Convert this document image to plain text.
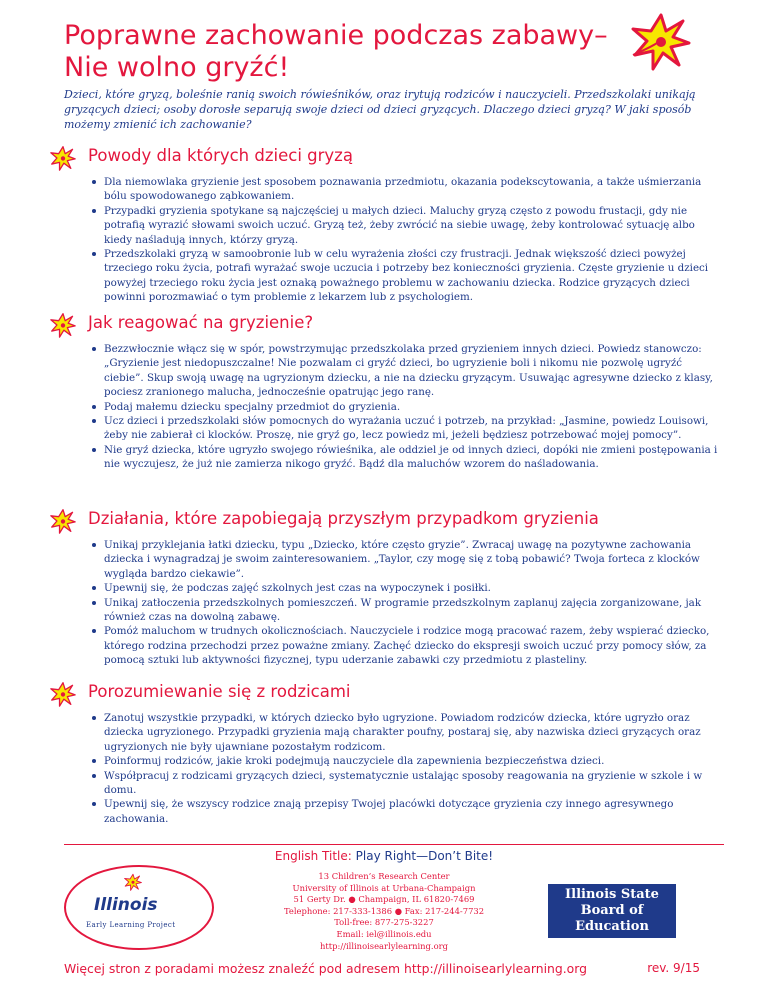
Poprawne zachowanie podczas zabawy–
Nie wolno gryźć!

Dzieci, które gryzą, boleśnie ranią swoich rówieśników, oraz irytują rodziców i nauczycieli. Przedszkolaki unikają gryzących dzieci; osoby dorosłe separują swoje dzieci od dzieci gryzących. Dlaczego dzieci gryzą? W jaki sposób możemy zmienić ich zachowanie?

Powody dla których dzieci gryzą
Dla niemowlaka gryzienie jest sposobem poznawania przedmiotu, okazania podekscytowania, a także uśmierzania bólu spowodowanego ząbkowaniem.
Przypadki gryzienia spotykane są najczęściej u małych dzieci. Maluchy gryzą często z powodu frustacji, gdy nie potrafią wyrazić słowami swoich uczuć. Gryzą też, żeby zwrócić na siebie uwagę, żeby kontrolować sytuację albo kiedy naśladują innych, którzy gryzą.
Przedszkolaki gryzą w samoobronie lub w celu wyrażenia złości czy frustracji. Jednak większość dzieci powyżej trzeciego roku życia, potrafi wyrażać swoje uczucia i potrzeby bez konieczności gryzienia. Częste gryzienie u dzieci powyżej trzeciego roku życia jest oznaką poważnego problemu w zachowaniu dziecka. Rodzice gryzących dzieci powinni porozmawiać o tym problemie z lekarzem lub z psychologiem.
Jak reagować na gryzienie?
Bezzwłocznie włącz się w spór, powstrzymując przedszkolaka przed gryzieniem innych dzieci. Powiedz stanowczo: „Gryzienie jest niedopuszczalne! Nie pozwalam ci gryźć dzieci, bo ugryzienie boli i nikomu nie pozwolę ugryźć ciebie”. Skup swoją uwagę na ugryzionym dziecku, a nie na dziecku gryzącym. Usuwając agresywne dziecko z klasy, pociesz zranionego malucha, jednocześnie opatrując jego ranę.
Podaj małemu dziecku specjalny przedmiot do gryzienia.
Ucz dzieci i przedszkolaki słów pomocnych do wyrażania uczuć i potrzeb, na przykład: „Jasmine, powiedz Louisowi, żeby nie zabierał ci klocków. Proszę, nie gryź go, lecz powiedz mi, jeżeli będziesz potrzebować mojej pomocy”.
Nie gryź dziecka, które ugryzło swojego rówieśnika, ale oddziel je od innych dzieci, dopóki nie zmieni postępowania i nie wyczujesz, że już nie zamierza nikogo gryźć. Bądź dla maluchów wzorem do naśladowania.
Działania, które zapobiegają przyszłym przypadkom gryzienia
Unikaj przyklejania łatki dziecku, typu „Dziecko, które często gryzie”. Zwracaj uwagę na pozytywne zachowania dziecka i wynagradzaj je swoim zainteresowaniem. „Taylor, czy mogę się z tobą pobawić? Twoja forteca z klocków wygląda bardzo ciekawie”.
Upewnij się, że podczas zajęć szkolnych jest czas na wypoczynek i posiłki.
Unikaj zatłoczenia przedszkolnych pomieszczeń. W programie przedszkolnym zaplanuj zajęcia zorganizowane, jak również czas na dowolną zabawę.
Pomóż maluchom w trudnych okolicznościach. Nauczyciele i rodzice mogą pracować razem, żeby wspierać dziecko, którego rodzina przechodzi przez poważne zmiany. Zachęć dziecko do ekspresji swoich uczuć przy pomocy słów, za pomocą sztuki lub aktywności fizycznej, typu uderzanie zabawki czy przedmiotu z plasteliny.
Porozumiewanie się z rodzicami
Zanotuj wszystkie przypadki, w których dziecko było ugryzione. Powiadom rodziców dziecka, które ugryzło oraz dziecka ugryzionego. Przypadki gryzienia mają charakter poufny, postaraj się, aby nazwiska dzieci gryzących oraz ugryzionych nie były ujawniane pozostałym rodzicom.
Poinformuj rodziców, jakie kroki podejmują nauczyciele dla zapewnienia bezpieczeństwa dzieci.
Współpracuj z rodzicami gryzących dzieci, systematycznie ustalając sposoby reagowania na gryzienie w szkole i w domu.
Upewnij się, że wszyscy rodzice znają przepisy Twojej placówki dotyczące gryzienia czy innego agresywnego zachowania.
English Title: Play Right—Don’t Bite!
Illinois
Early Learning Project
13 Children’s Research Center
University of Illinois at Urbana-Champaign
51 Gerty Dr. ● Champaign, IL 61820-7469
Telephone: 217-333-1386 ● Fax: 217-244-7732
Toll-free: 877-275-3227
Email: iel@illinois.edu
http://illinoisearlylearning.org
Illinois State
Board of Education
Więcej stron z poradami możesz znaleźć pod adresem http://illinoisearlylearning.org	rev. 9/15
